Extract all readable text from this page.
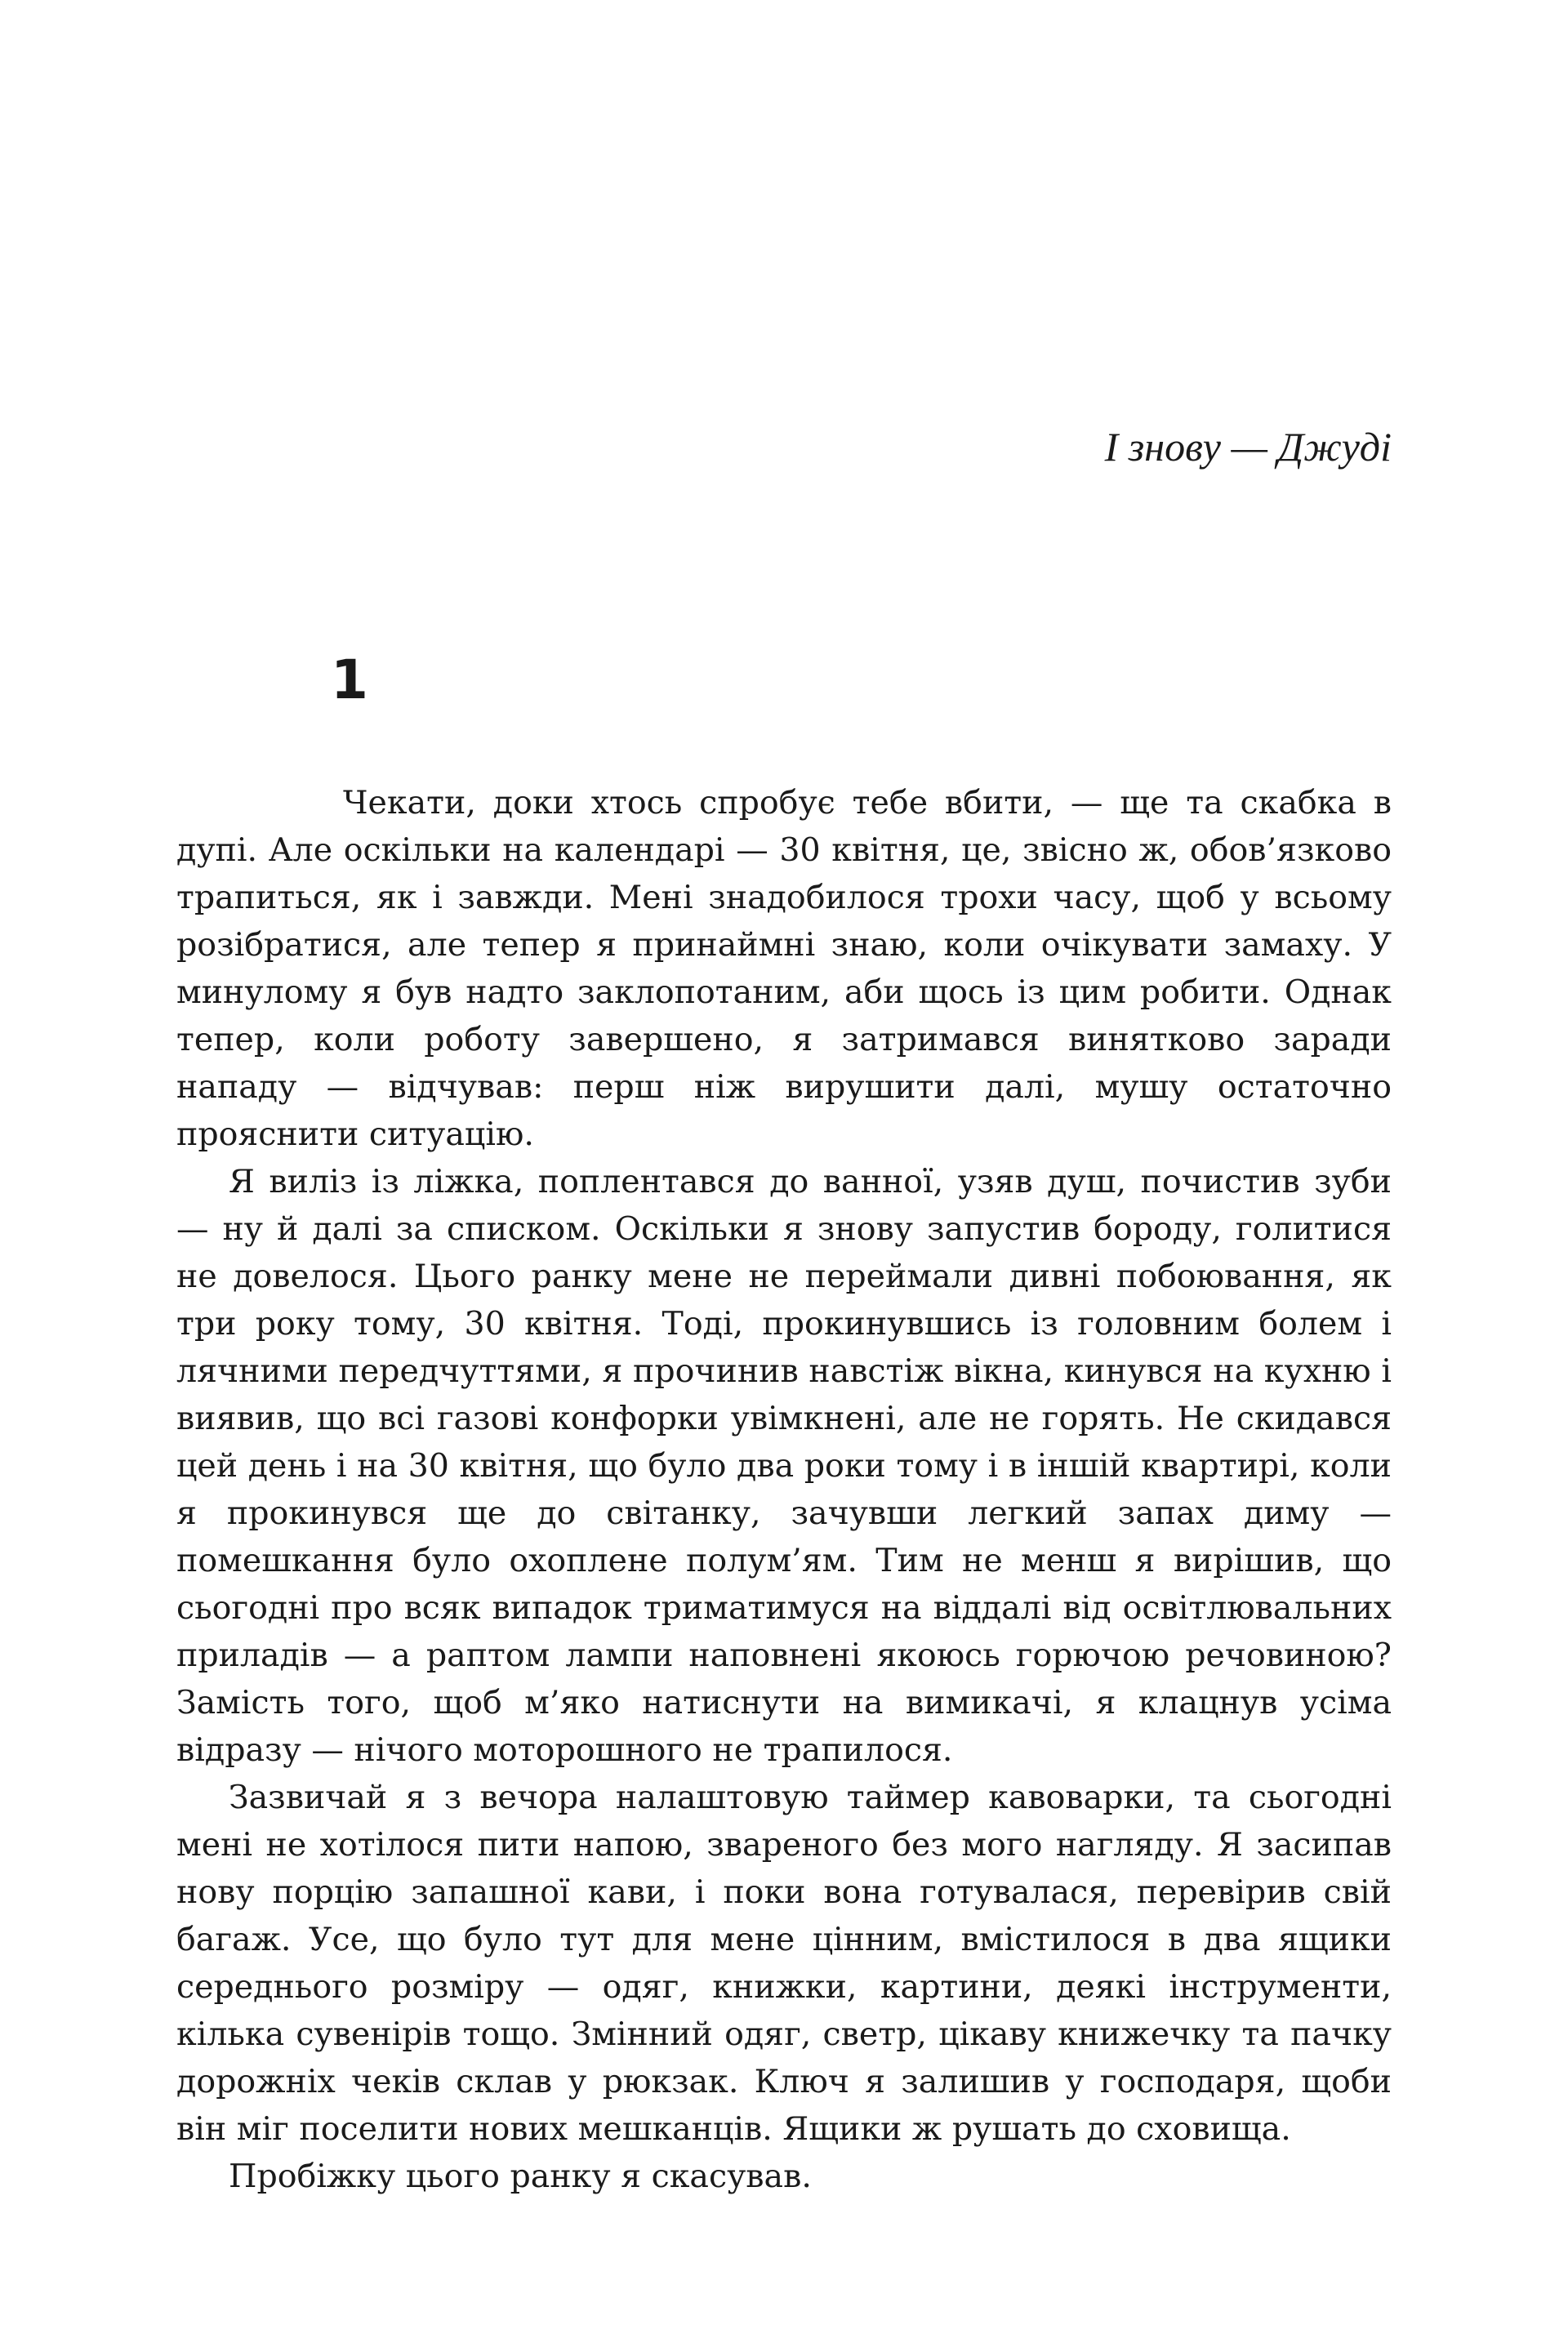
І знову — Джуді
1

Чекати, доки хтось спробує тебе вбити, — ще та скабка в дупі. Але оскільки на календарі — 30 квітня, це, звісно ж, обов’язково трапиться, як і завжди. Мені знадобилося трохи часу, щоб у всьому розібратися, але тепер я принаймні знаю, коли очікувати замаху. У минулому я був надто заклопотаним, аби щось із цим робити. Однак тепер, коли роботу завершено, я затримався винятково заради нападу — відчував: перш ніж вирушити далі, мушу остаточно прояснити ситуацію.

Я виліз із ліжка, поплентався до ванної, узяв душ, почистив зуби — ну й далі за списком. Оскільки я знову запустив бороду, голитися не довелося. Цього ранку мене не переймали дивні побоювання, як три року тому, 30 квітня. Тоді, прокинувшись із головним болем і лячними передчуттями, я прочинив навстіж вікна, кинувся на кухню і виявив, що всі газові конфорки увімкнені, але не горять. Не скидався цей день і на 30 квітня, що було два роки тому і в іншій квартирі, коли я прокинувся ще до світанку, зачувши легкий запах диму — помешкання було охоплене полум’ям. Тим не менш я вирішив, що сьогодні про всяк випадок триматимуся на віддалі від освітлювальних приладів — а раптом лампи наповнені якоюсь горючою речовиною? Замість того, щоб м’яко натиснути на вимикачі, я клацнув усіма відразу — нічого моторошного не трапилося.

Зазвичай я з вечора налаштовую таймер кавоварки, та сьогодні мені не хотілося пити напою, звареного без мого нагляду. Я засипав нову порцію запашної кави, і поки вона готувалася, перевірив свій багаж. Усе, що було тут для мене цінним, вмістилося в два ящики середнього розміру — одяг, книжки, картини, деякі інструменти, кілька сувенірів тощо. Змінний одяг, светр, цікаву книжечку та пачку дорожніх чеків склав у рюкзак. Ключ я залишив у господаря, щоби він міг поселити нових мешканців. Ящики ж рушать до сховища.

Пробіжку цього ранку я скасував.
